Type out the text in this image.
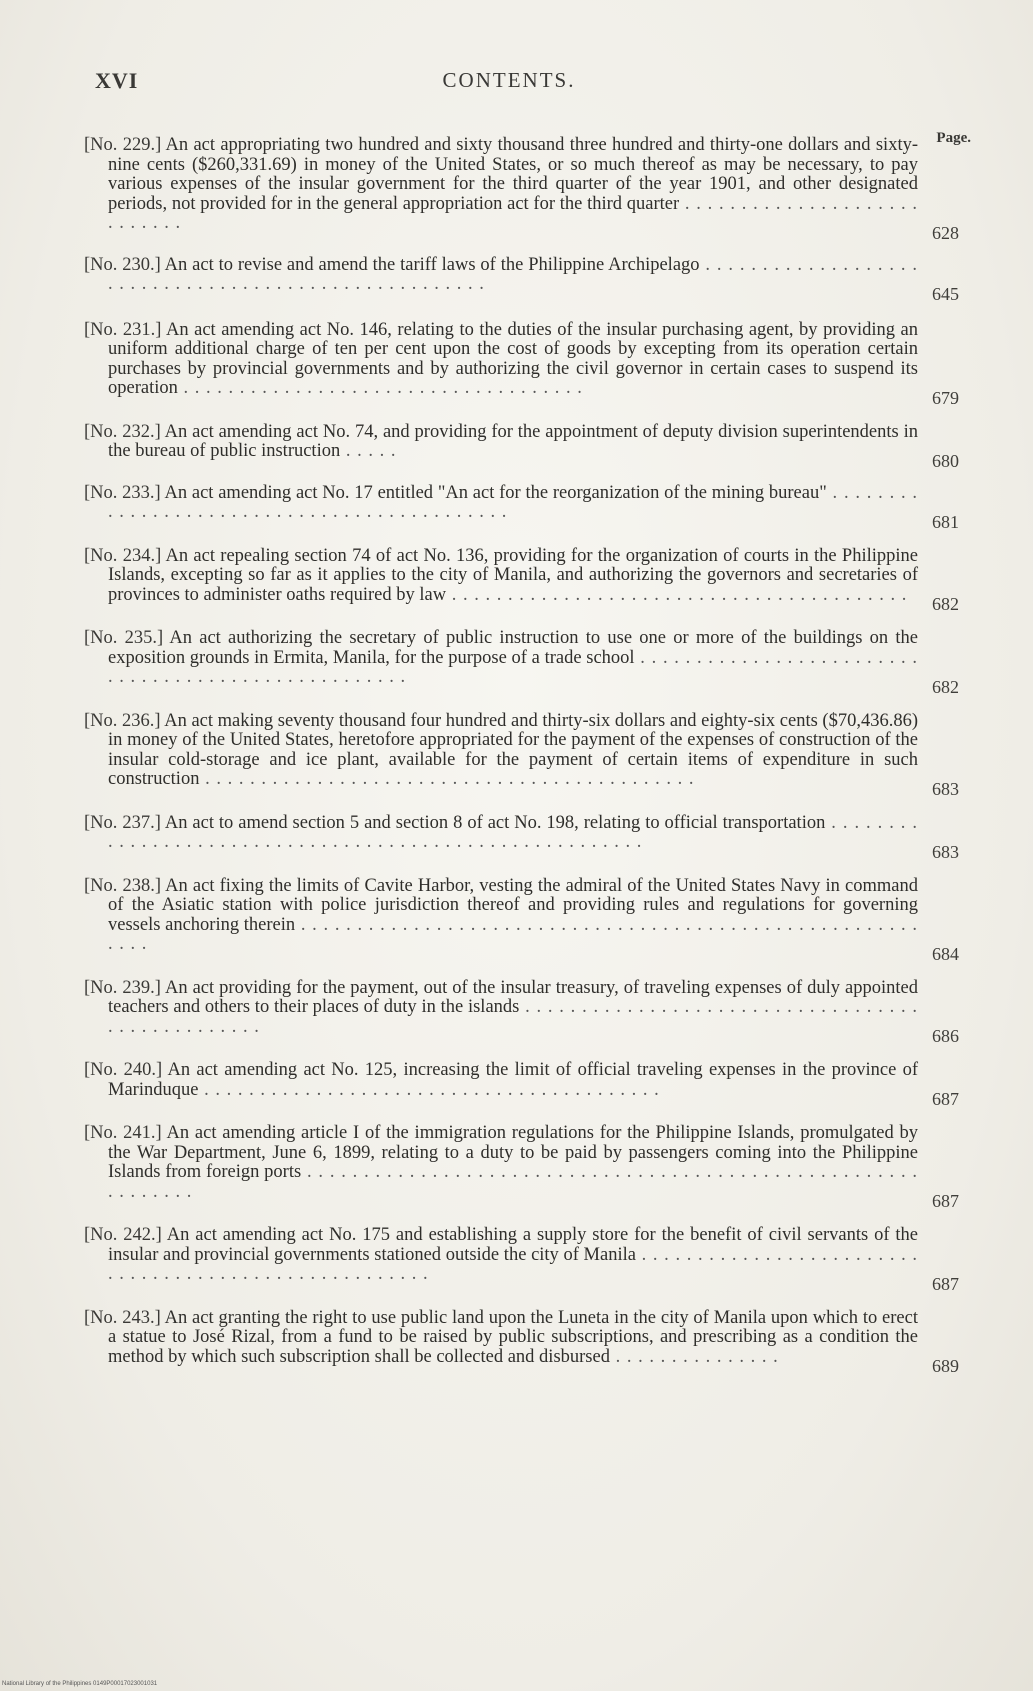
XVI	CONTENTS.
Page.
[No. 229.] An act appropriating two hundred and sixty thousand three hundred and thirty-one dollars and sixty-nine cents ($260,331.69) in money of the United States, or so much thereof as may be necessary, to pay various expenses of the insular government for the third quarter of the year 1901, and other designated periods, not provided for in the general appropriation act for the third quarter . . . . . . . . . . . . . . . . . . . . . . . . . . . .	628
[No. 230.] An act to revise and amend the tariff laws of the Philippine Archipelago . . . . . . . . . . . . . . . . . . . . . . . . . . . . . . . . . . . . . . . . . . . . . . . . . . . . .	645
[No. 231.] An act amending act No. 146, relating to the duties of the insular purchasing agent, by providing an uniform additional charge of ten per cent upon the cost of goods by excepting from its operation certain purchases by provincial governments and by authorizing the civil governor in certain cases to suspend its operation . . . . . . . . . . . . . . . . . . . . . . . . . . . . . . . . . . . .	679
[No. 232.] An act amending act No. 74, and providing for the appointment of deputy division superintendents in the bureau of public instruction . . . . .	680
[No. 233.] An act amending act No. 17 entitled "An act for the reorganization of the mining bureau" . . . . . . . . . . . . . . . . . . . . . . . . . . . . . . . . . . . . . . . . . . . .	681
[No. 234.] An act repealing section 74 of act No. 136, providing for the organization of courts in the Philippine Islands, excepting so far as it applies to the city of Manila, and authorizing the governors and secretaries of provinces to administer oaths required by law . . . . . . . . . . . . . . . . . . . . . . . . . . . . . . . . . . . . . . . . .	682
[No. 235.] An act authorizing the secretary of public instruction to use one or more of the buildings on the exposition grounds in Ermita, Manila, for the purpose of a trade school . . . . . . . . . . . . . . . . . . . . . . . . . . . . . . . . . . . . . . . . . . . . . . . . . . . .	682
[No. 236.] An act making seventy thousand four hundred and thirty-six dollars and eighty-six cents ($70,436.86) in money of the United States, heretofore appropriated for the payment of the expenses of construction of the insular cold-storage and ice plant, available for the payment of certain items of expenditure in such construction . . . . . . . . . . . . . . . . . . . . . . . . . . . . . . . . . . . . . . . . . . . .	683
[No. 237.] An act to amend section 5 and section 8 of act No. 198, relating to official transportation . . . . . . . . . . . . . . . . . . . . . . . . . . . . . . . . . . . . . . . . . . . . . . . . . . . . . . . .	683
[No. 238.] An act fixing the limits of Cavite Harbor, vesting the admiral of the United States Navy in command of the Asiatic station with police jurisdiction thereof and providing rules and regulations for governing vessels anchoring therein . . . . . . . . . . . . . . . . . . . . . . . . . . . . . . . . . . . . . . . . . . . . . . . . . . . . . . . . . . .	684
[No. 239.] An act providing for the payment, out of the insular treasury, of traveling expenses of duly appointed teachers and others to their places of duty in the islands . . . . . . . . . . . . . . . . . . . . . . . . . . . . . . . . . . . . . . . . . . . . . . . . .	686
[No. 240.] An act amending act No. 125, increasing the limit of official traveling expenses in the province of Marinduque . . . . . . . . . . . . . . . . . . . . . . . . . . . . . . . . . . . . . . . . .	687
[No. 241.] An act amending article I of the immigration regulations for the Philippine Islands, promulgated by the War Department, June 6, 1899, relating to a duty to be paid by passengers coming into the Philippine Islands from foreign ports . . . . . . . . . . . . . . . . . . . . . . . . . . . . . . . . . . . . . . . . . . . . . . . . . . . . . . . . . . . . . .	687
[No. 242.] An act amending act No. 175 and establishing a supply store for the benefit of civil servants of the insular and provincial governments stationed outside the city of Manila . . . . . . . . . . . . . . . . . . . . . . . . . . . . . . . . . . . . . . . . . . . . . . . . . . . . . .	687
[No. 243.] An act granting the right to use public land upon the Luneta in the city of Manila upon which to erect a statue to José Rizal, from a fund to be raised by public subscriptions, and prescribing as a condition the method by which such subscription shall be collected and disbursed . . . . . . . . . . . . . . .	689
National Library of the Philippines 0149P00017023001031
